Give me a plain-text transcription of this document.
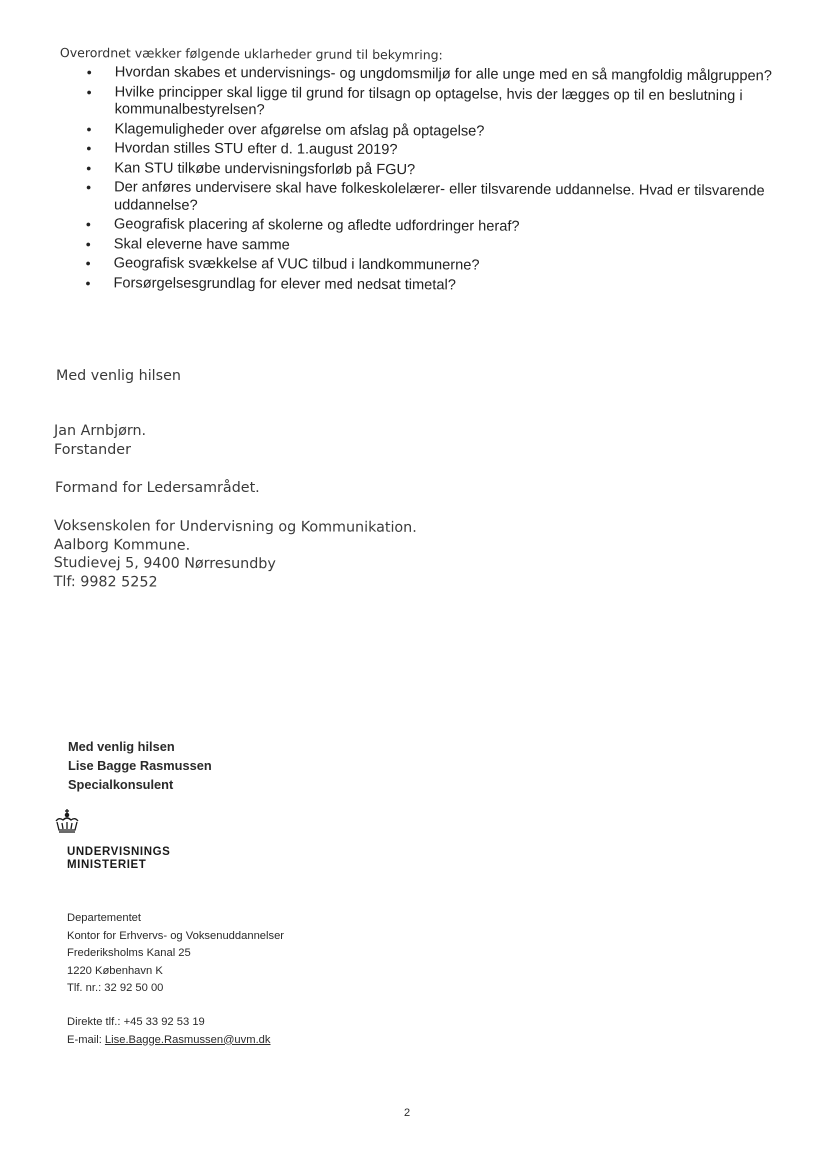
Overordnet vækker følgende uklarheder grund til bekymring:

• Hvordan skabes et undervisnings- og ungdomsmiljø for alle unge med en så mangfoldig målgruppen?
• Hvilke principper skal ligge til grund for tilsagn op optagelse, hvis der lægges op til en beslutning i kommunalbestyrelsen?
• Klagemuligheder over afgørelse om afslag på optagelse?
• Hvordan stilles STU efter d. 1.august 2019?
• Kan STU tilkøbe undervisningsforløb på FGU?
• Der anføres undervisere skal have folkeskolelærer- eller tilsvarende uddannelse. Hvad er tilsvarende uddannelse?
• Geografisk placering af skolerne og afledte udfordringer heraf?
• Skal eleverne have samme
• Geografisk svækkelse af VUC tilbud i landkommunerne?
• Forsørgelsesgrundlag for elever med nedsat timetal?
Med venlig hilsen
Jan Arnbjørn.
Forstander
Formand for Ledersamrådet.
Voksenskolen for Undervisning og Kommunikation.
Aalborg Kommune.
Studievej 5, 9400 Nørresundby
Tlf: 9982 5252
Med venlig hilsen
Lise Bagge Rasmussen
Specialkonsulent
UNDERVISNINGS
MINISTERIET
Departementet
Kontor for Erhvervs- og Voksenuddannelser
Frederiksholms Kanal 25
1220 København K
Tlf. nr.: 32 92 50 00
Direkte tlf.: +45 33 92 53 19
E-mail: Lise.Bagge.Rasmussen@uvm.dk
2
